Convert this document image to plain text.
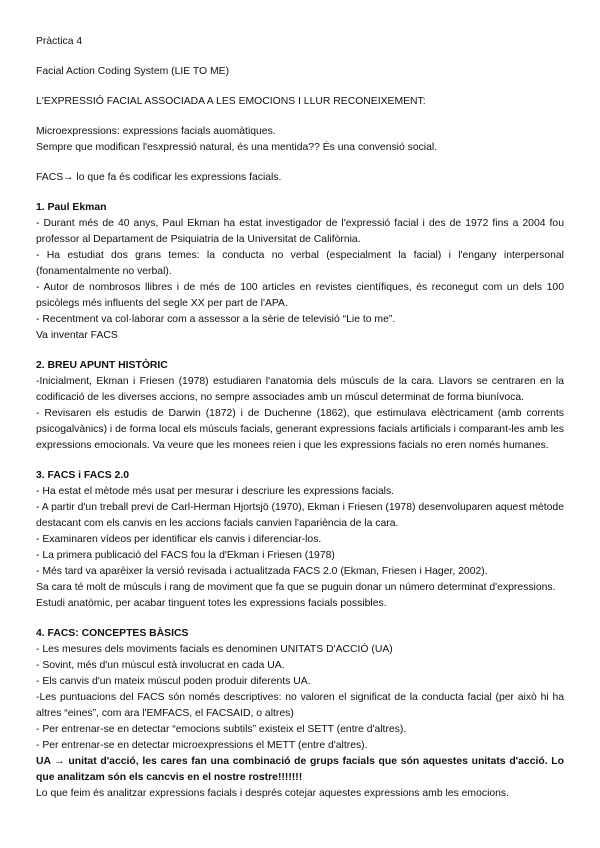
Pràctica 4

Facial Action Coding System (LIE TO ME)

L'EXPRESSIÓ FACIAL ASSOCIADA A LES EMOCIONS I LLUR RECONEIXEMENT:

Microexpressions: expressions facials auomàtiques.

Sempre que modifican l'esxpressió natural, és una mentida?? És una convensió social.

FACS→ lo que fa és codificar les expressions facials.

1. Paul Ekman

- Durant més de 40 anys, Paul Ekman ha estat investigador de l'expressió facial i des de 1972 fins a 2004 fou professor al Departament de Psiquiatria de la Universitat de Califòrnia.

- Ha estudiat dos grans temes: la conducta no verbal (especialment la facial) i l'engany interpersonal (fonamentalmente no verbal).

- Autor de nombrosos llibres i de més de 100 articles en revistes científiques, és reconegut com un dels 100 psicòlegs més influents del segle XX per part de l'APA.

- Recentment va col·laborar com a assessor a la sèrie de televisió “Lie to me”.

Va inventar FACS

2. BREU APUNT HISTÒRIC

-Inicialment, Ekman i Friesen (1978) estudiaren l'anatomia dels músculs de la cara. Llavors se centraren en la codificació de les diverses accions, no sempre associades amb un múscul determinat de forma biunívoca.

- Revisaren els estudis de Darwin (1872) i de Duchenne (1862), que estimulava elèctricament (amb corrents psicogalvànics) i de forma local els músculs facials, generant expressions facials artificials i comparant-les amb les expressions emocionals. Va veure que les monees reien i que les expressions facials no eren només humanes.

3. FACS i FACS 2.0

- Ha estat el mètode més usat per mesurar i descriure les expressions facials.

- A partir d'un treball previ de Carl-Herman Hjortsjö (1970), Ekman i Friesen (1978) desenvoluparen aquest mètode destacant com els canvis en les accions facials canvien l'apariència de la cara.

- Examinaren vídeos per identificar els canvis i diferenciar-los.

- La primera publicació del FACS fou la d'Ekman i Friesen (1978)

- Més tard va aparèixer la versió revisada i actualitzada FACS 2.0 (Ekman, Friesen i Hager, 2002).

Sa cara té molt de músculs i rang de moviment que fa que se puguin donar un número determinat d'expressions.

Estudi anatòmic, per acabar tinguent totes les expressions facials possibles.

4. FACS: CONCEPTES BÀSICS

- Les mesures dels moviments facials es denominen UNITATS D'ACCIÓ (UA)

- Sovint, més d'un múscul està involucrat en cada UA.

- Els canvis d'un mateix múscul poden produir diferents UA.

-Les puntuacions del FACS són només descriptives: no valoren el significat de la conducta facial (per això hi ha altres “eines”, com ara l'EMFACS, el FACSAID, o altres)

- Per entrenar-se en detectar “emocions subtils” existeix el SETT (entre d'altres).

- Per entrenar-se en detectar microexpressions el METT (entre d'altres).

UA → unitat d'acció, les cares fan una combinació de grups facials que són aquestes unitats d'acció. Lo que analitzam són els cancvis en el nostre rostre!!!!!!!

Lo que feim és analitzar expressions facials i després cotejar aquestes expressions amb les emocions.
